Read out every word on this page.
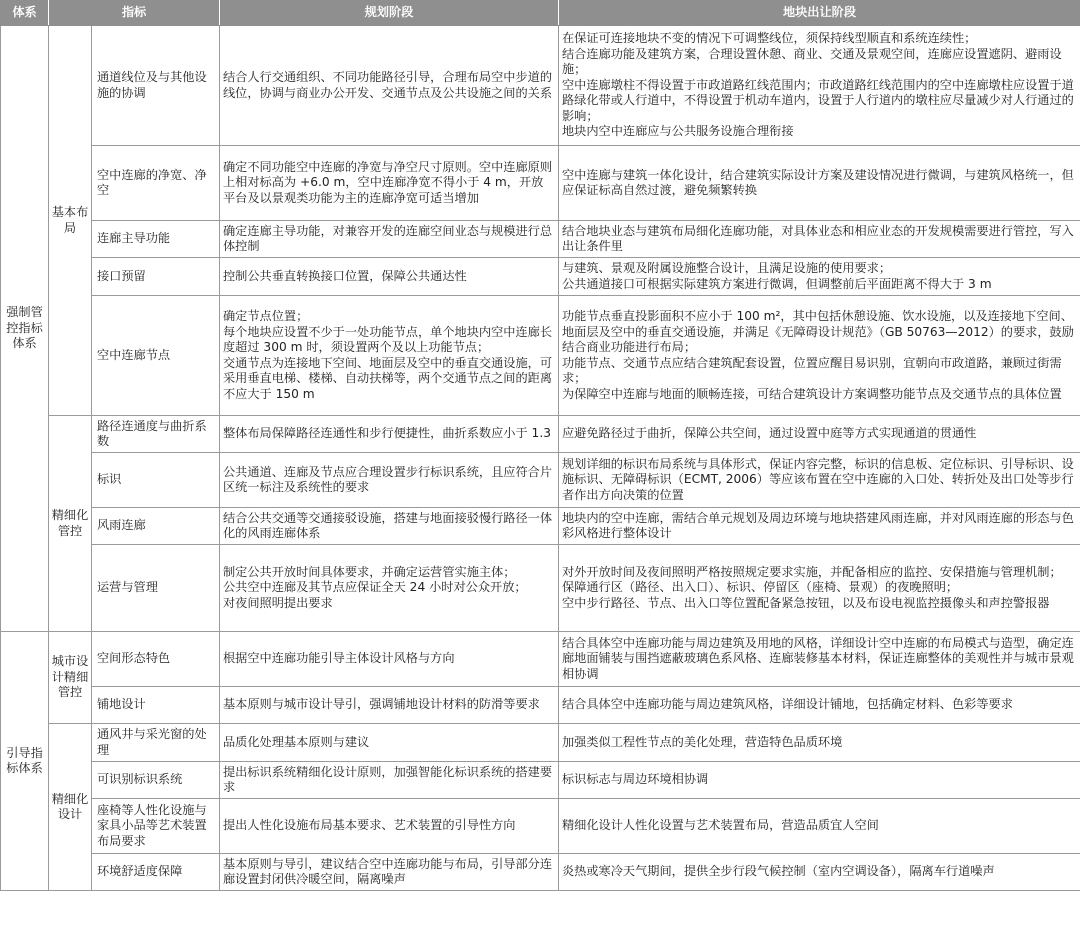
体系	指标		规划阶段	地块出让阶段
强制管控指标体系	基本布局	通道线位及与其他设施的协调	结合人行交通组织、不同功能路径引导，合理布局空中步道的线位，协调与商业办公开发、交通节点及公共设施之间的关系	在保证可连接地块不变的情况下可调整线位，须保持线型顺直和系统连续性；
结合连廊功能及建筑方案，合理设置休憩、商业、交通及景观空间，连廊应设置遮阴、避雨设施；
空中连廊墩柱不得设置于市政道路红线范围内；市政道路红线范围内的空中连廊墩柱应设置于道路绿化带或人行道中，不得设置于机动车道内，设置于人行道内的墩柱应尽量减少对人行通过的影响；
地块内空中连廊应与公共服务设施合理衔接

		空中连廊的净宽、净空	确定不同功能空中连廊的净宽与净空尺寸原则。空中连廊原则上相对标高为 +6.0 m，空中连廊净宽不得小于 4 m，开放平台及以景观类功能为主的连廊净宽可适当增加	空中连廊与建筑一体化设计，结合建筑实际设计方案及建设情况进行微调，与建筑风格统一，但应保证标高自然过渡，避免频繁转换

		连廊主导功能	确定连廊主导功能，对兼容开发的连廊空间业态与规模进行总体控制	结合地块业态与建筑布局细化连廊功能，对具体业态和相应业态的开发规模需要进行管控，写入出让条件里

		接口预留	控制公共垂直转换接口位置，保障公共通达性	与建筑、景观及附属设施整合设计，且满足设施的使用要求；
公共通道接口可根据实际建筑方案进行微调，但调整前后平面距离不得大于 3 m

		空中连廊节点	确定节点位置；
每个地块应设置不少于一处功能节点，单个地块内空中连廊长度超过 300 m 时，须设置两个及以上功能节点；
交通节点为连接地下空间、地面层及空中的垂直交通设施，可采用垂直电梯、楼梯、自动扶梯等，两个交通节点之间的距离不应大于 150 m	功能节点垂直投影面积不应小于 100 m²，其中包括休憩设施、饮水设施，以及连接地下空间、地面层及空中的垂直交通设施，并满足《无障碍设计规范》（GB 50763—2012）的要求，鼓励结合商业功能进行布局；
功能节点、交通节点应结合建筑配套设置，位置应醒目易识别，宜朝向市政道路，兼顾过街需求；
为保障空中连廊与地面的顺畅连接，可结合建筑设计方案调整功能节点及交通节点的具体位置

	精细化管控	路径连通度与曲折系数	整体布局保障路径连通性和步行便捷性，曲折系数应小于 1.3	应避免路径过于曲折，保障公共空间，通过设置中庭等方式实现通道的贯通性

		标识	公共通道、连廊及节点应合理设置步行标识系统，且应符合片区统一标注及系统性的要求	规划详细的标识布局系统与具体形式，保证内容完整，标识的信息板、定位标识、引导标识、设施标识、无障碍标识（ECMT, 2006）等应该布置在空中连廊的入口处、转折处及出口处等步行者作出方向决策的位置

		风雨连廊	结合公共交通等交通接驳设施，搭建与地面接驳慢行路径一体化的风雨连廊体系	地块内的空中连廊，需结合单元规划及周边环境与地块搭建风雨连廊，并对风雨连廊的形态与色彩风格进行整体设计

		运营与管理	制定公共开放时间具体要求，并确定运营管实施主体；
公共空中连廊及其节点应保证全天 24 小时对公众开放；
对夜间照明提出要求	对外开放时间及夜间照明严格按照规定要求实施，并配备相应的监控、安保措施与管理机制；
保障通行区（路径、出入口）、标识、停留区（座椅、景观）的夜晚照明；
空中步行路径、节点、出入口等位置配备紧急按钮，以及布设电视监控摄像头和声控警报器

引导指标体系	城市设计精细管控	空间形态特色	根据空中连廊功能引导主体设计风格与方向	结合具体空中连廊功能与周边建筑及用地的风格，详细设计空中连廊的布局模式与造型，确定连廊地面铺装与围挡遮蔽玻璃色系风格、连廊装修基本材料，保证连廊整体的美观性并与城市景观相协调

		铺地设计	基本原则与城市设计导引，强调铺地设计材料的防滑等要求	结合具体空中连廊功能与周边建筑风格，详细设计铺地，包括确定材料、色彩等要求

	精细化设计	通风井与采光窗的处理	品质化处理基本原则与建议	加强类似工程性节点的美化处理，营造特色品质环境

		可识别标识系统	提出标识系统精细化设计原则，加强智能化标识系统的搭建要求	标识标志与周边环境相协调

		座椅等人性化设施与家具小品等艺术装置布局要求	提出人性化设施布局基本要求、艺术装置的引导性方向	精细化设计人性化设置与艺术装置布局，营造品质宜人空间

		环境舒适度保障	基本原则与导引，建议结合空中连廊功能与布局，引导部分连廊设置封闭供冷暖空间，隔离噪声	炎热或寒冷天气期间，提供全步行段气候控制（室内空调设备），隔离车行道噪声
